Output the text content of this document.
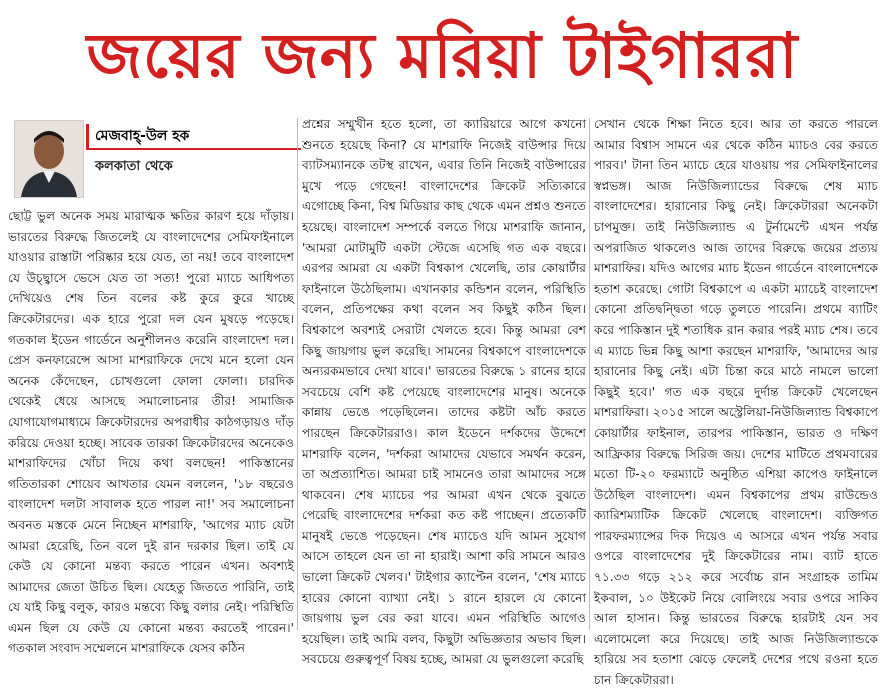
জয়ের জন্য মরিয়া টাইগাররা
মেজবাহ্-উল হক
কলকাতা থেকে

ছোট্ট ভুল অনেক সময় মারাত্মক ক্ষতির কারণ হয়ে দাঁড়ায়। ভারতের বিরুদ্ধে জিতলেই যে বাংলাদেশের সেমিফাইনালে যাওয়ার রাস্তাটা পরিষ্কার হয়ে যেত, তা নয়! তবে বাংলাদেশ যে উচ্ছ্বাসে ভেসে যেত তা সত্য! পুরো ম্যাচে আধিপত্য দেখিয়েও শেষ তিন বলের কষ্ট কুরে কুরে খাচ্ছে ক্রিকেটারদের। এক হারে পুরো দল যেন মুষড়ে পড়েছে। গতকাল ইডেন গার্ডেনে অনুশীলনও করেনি বাংলাদেশ দল। প্রেস কনফারেন্সে আসা মাশরাফিকে দেখে মনে হলো যেন অনেক কেঁদেছেন, চোখগুলো ফোলা ফোলা। চারদিক থেকেই ধেয়ে আসছে সমালোচনার তীর! সামাজিক যোগাযোগমাধ্যমে ক্রিকেটারদের অপরাধীর কাঠগড়ায়ও দাঁড় করিয়ে দেওয়া হচ্ছে। সাবেক তারকা ক্রিকেটারদের অনেকেও মাশরাফিদের খোঁচা দিয়ে কথা বলছেন! পাকিস্তানের গতিতারকা শোয়েব আখতার যেমন বললেন, '১৮ বছরেও বাংলাদেশ দলটা সাবালক হতে পারল না!' সব সমালোচনা অবনত মস্তকে মেনে নিচ্ছেন মাশরাফি, 'আগের ম্যাচ যেটা আমরা হেরেছি, তিন বলে দুই রান দরকার ছিল। তাই যে কেউ যে কোনো মন্তব্য করতে পারেন এখন। অবশ্যই আমাদের জেতা উচিত ছিল। যেহেতু জিততে পারিনি, তাই যে যাই কিছু বলুক, কারও মন্তব্যে কিছু বলার নেই। পরিস্থিতি এমন ছিল যে কেউ যে কোনো মন্তব্য করতেই পারেন।' গতকাল সংবাদ সম্মেলনে মাশরাফিকে যেসব কঠিন

প্রশ্নের সম্মুখীন হতে হলো, তা ক্যারিয়ারে আগে কখনো শুনতে হয়েছে কিনা? যে মাশরাফি নিজেই বাউন্সার দিয়ে ব্যাটসম্যানকে তটস্থ রাখেন, এবার তিনি নিজেই বাউন্সারের মুখে পড়ে গেছেন! বাংলাদেশের ক্রিকেট সত্যিকারে এগোচ্ছে কিনা, বিশ্ব মিডিয়ার কাছ থেকে এমন প্রশ্নও শুনতে হয়েছে। বাংলাদেশ সম্পর্কে বলতে গিয়ে মাশরাফি জানান, 'আমরা মোটামুটি একটা স্টেজে এসেছি গত এক বছরে। এরপর আমরা যে একটা বিশ্বকাপ খেলেছি, তার কোয়ার্টার ফাইনালে উঠেছিলাম। এখানকার কন্ডিশন বলেন, পরিস্থিতি বলেন, প্রতিপক্ষের কথা বলেন সব কিছুই কঠিন ছিল। বিশ্বকাপে অবশ্যই সেরাটা খেলতে হবে। কিন্তু আমরা বেশ কিছু জায়গায় ভুল করেছি। সামনের বিশ্বকাপে বাংলাদেশকে অন্যরকমভাবে দেখা যাবে।' ভারতের বিরুদ্ধে ১ রানের হারে সবচেয়ে বেশি কষ্ট পেয়েছে বাংলাদেশের মানুষ। অনেকে কান্নায় ভেঙে পড়েছিলেন। তাদের কষ্টটা আঁচ করতে পারছেন ক্রিকেটাররাও। কাল ইডেনে দর্শকদের উদ্দেশে মাশরাফি বলেন, 'দর্শকরা আমাদের যেভাবে সমর্থন করেন, তা অপ্রত্যাশিত। আমরা চাই সামনেও তারা আমাদের সঙ্গে থাকবেন। শেষ ম্যাচের পর আমরা এখন থেকে বুঝতে পেরেছি বাংলাদেশের দর্শকরা কত কষ্ট পাচ্ছেন। প্রত্যেকটি মানুষই ভেঙে পড়েছেন। শেষ ম্যাচেও যদি আমন সুযোগ আসে তাহলে যেন তা না হারাই। আশা করি সামনে আরও ভালো ক্রিকেট খেলব।' টাইগার ক্যাপ্টেন বলেন, 'শেষ ম্যাচে হারের কোনো ব্যাখ্যা নেই। ১ রানে হারলে যে কোনো জায়গায় ভুল বের করা যাবে। এমন পরিস্থিতি আগেও হয়েছিল। তাই আমি বলব, কিছুটা অভিজ্ঞতার অভাব ছিল। সবচেয়ে গুরুত্বপূর্ণ বিষয় হচ্ছে, আমরা যে ভুলগুলো করেছি

সেখান থেকে শিক্ষা নিতে হবে। আর তা করতে পারলে আমার বিশ্বাস সামনে এর থেকে কঠিন ম্যাচও বের করতে পারব।' টানা তিন ম্যাচে হেরে যাওয়ায় পর সেমিফাইনালের স্বপ্নভঙ্গ। আজ নিউজিল্যান্ডের বিরুদ্ধে শেষ ম্যাচ বাংলাদেশের। হারানোর কিছু নেই। ক্রিকেটাররা অনেকটা চাপমুক্ত। তাই নিউজিল্যান্ড এ টুর্নামেন্টে এখন পর্যন্ত অপরাজিত থাকলেও আজ তাদের বিরুদ্ধে জয়ের প্রত্যয় মাশরাফির। যদিও আগের ম্যাচ ইডেন গার্ডেনে বাংলাদেশকে হতাশ করেছে। গোটা বিশ্বকাপে এ একটা ম্যাচেই বাংলাদেশ কোনো প্রতিদ্বন্দ্বিতা গড়ে তুলতে পারেনি। প্রথমে ব্যাটিং করে পাকিস্তান দুই শতাধিক রান করার পরই ম্যাচ শেষ। তবে এ ম্যাচে ভিন্ন কিছু আশা করছেন মাশরাফি, 'আমাদের আর হারানোর কিছু নেই। এটা চিন্তা করে মাঠে নামলে ভালো কিছুই হবে।' গত এক বছরে দুর্দান্ত ক্রিকেট খেলেছেন মাশরাফিরা। ২০১৫ সালে অস্ট্রেলিয়া-নিউজিল্যান্ড বিশ্বকাপে কোয়ার্টার ফাইনাল, তারপর পাকিস্তান, ভারত ও দক্ষিণ আফ্রিকার বিরুদ্ধে সিরিজ জয়। দেশের মাটিতে প্রথমবারের মতো টি-২০ ফরম্যাটে অনুষ্ঠিত এশিয়া কাপেও ফাইনালে উঠেছিল বাংলাদেশ। এমন বিশ্বকাপের প্রথম রাউন্ডেও ক্যারিশম্যাটিক ক্রিকেট খেলেছে বাংলাদেশ। ব্যক্তিগত পারফরম্যান্সের দিক দিয়েও এ আসরে এখন পর্যন্ত সবার ওপরে বাংলাদেশের দুই ক্রিকেটারের নাম। ব্যাট হাতে ৭১.৩৩ গড়ে ২১২ করে সর্বোচ্চ রান সংগ্রাহক তামিম ইকবাল, ১০ উইকেট নিয়ে বোলিংয়ে সবার ওপরে সাকিব আল হাসান। কিন্তু ভারতের বিরুদ্ধে হারটাই যেন সব এলোমেলো করে দিয়েছে। তাই আজ নিউজিল্যান্ডকে হারিয়ে সব হতাশা ঝেড়ে ফেলেই দেশের পথে রওনা হতে চান ক্রিকেটাররা।
